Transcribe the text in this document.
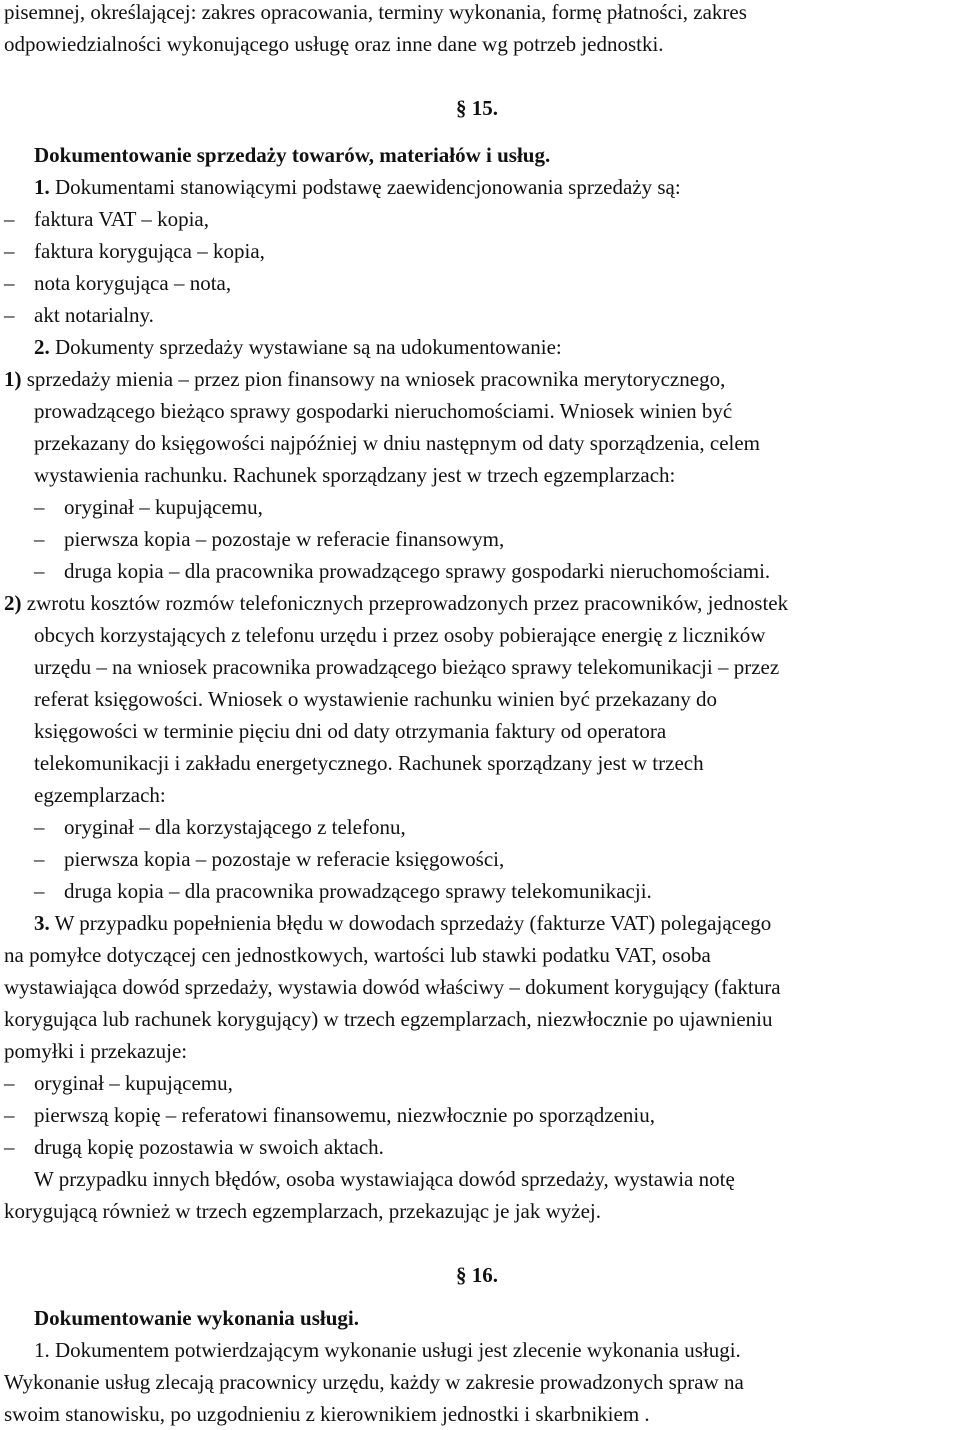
pisemnej, określającej: zakres opracowania, terminy wykonania, formę płatności, zakres
odpowiedzialności wykonującego usługę oraz inne dane wg potrzeb jednostki.
§ 15.
Dokumentowanie sprzedaży towarów, materiałów i usług.
1. Dokumentami stanowiącymi podstawę zaewidencjonowania sprzedaży są:
– faktura VAT – kopia,
– faktura korygująca – kopia,
– nota korygująca – nota,
– akt notarialny.
2. Dokumenty sprzedaży wystawiane są na udokumentowanie:
1) sprzedaży mienia – przez pion finansowy na wniosek pracownika merytorycznego,
prowadzącego bieżąco sprawy gospodarki nieruchomościami. Wniosek winien być
przekazany do księgowości najpóźniej w dniu następnym od daty sporządzenia, celem
wystawienia rachunku. Rachunek sporządzany jest w trzech egzemplarzach:
– oryginał – kupującemu,
– pierwsza kopia – pozostaje w referacie finansowym,
– druga kopia – dla pracownika prowadzącego sprawy gospodarki nieruchomościami.
2) zwrotu kosztów rozmów telefonicznych przeprowadzonych przez pracowników, jednostek
obcych korzystających z telefonu urzędu i przez osoby pobierające energię z liczników
urzędu – na wniosek pracownika prowadzącego bieżąco sprawy telekomunikacji – przez
referat księgowości. Wniosek o wystawienie rachunku winien być przekazany do
księgowości w terminie pięciu dni od daty otrzymania faktury od operatora
telekomunikacji i zakładu energetycznego. Rachunek sporządzany jest w trzech
egzemplarzach:
– oryginał – dla korzystającego z telefonu,
– pierwsza kopia – pozostaje w referacie księgowości,
– druga kopia – dla pracownika prowadzącego sprawy telekomunikacji.
3. W przypadku popełnienia błędu w dowodach sprzedaży (fakturze VAT) polegającego
na pomyłce dotyczącej cen jednostkowych, wartości lub stawki podatku VAT, osoba
wystawiająca dowód sprzedaży, wystawia dowód właściwy – dokument korygujący (faktura
korygująca lub rachunek korygujący) w trzech egzemplarzach, niezwłocznie po ujawnieniu
pomyłki i przekazuje:
– oryginał – kupującemu,
– pierwszą kopię – referatowi finansowemu, niezwłocznie po sporządzeniu,
– drugą kopię pozostawia w swoich aktach.
W przypadku innych błędów, osoba wystawiająca dowód sprzedaży, wystawia notę
korygującą również w trzech egzemplarzach, przekazując je jak wyżej.
§ 16.
Dokumentowanie wykonania usługi.
1. Dokumentem potwierdzającym wykonanie usługi jest zlecenie wykonania usługi.
Wykonanie usług zlecają pracownicy urzędu, każdy w zakresie prowadzonych spraw na
swoim stanowisku, po uzgodnieniu z kierownikiem jednostki i skarbnikiem .
